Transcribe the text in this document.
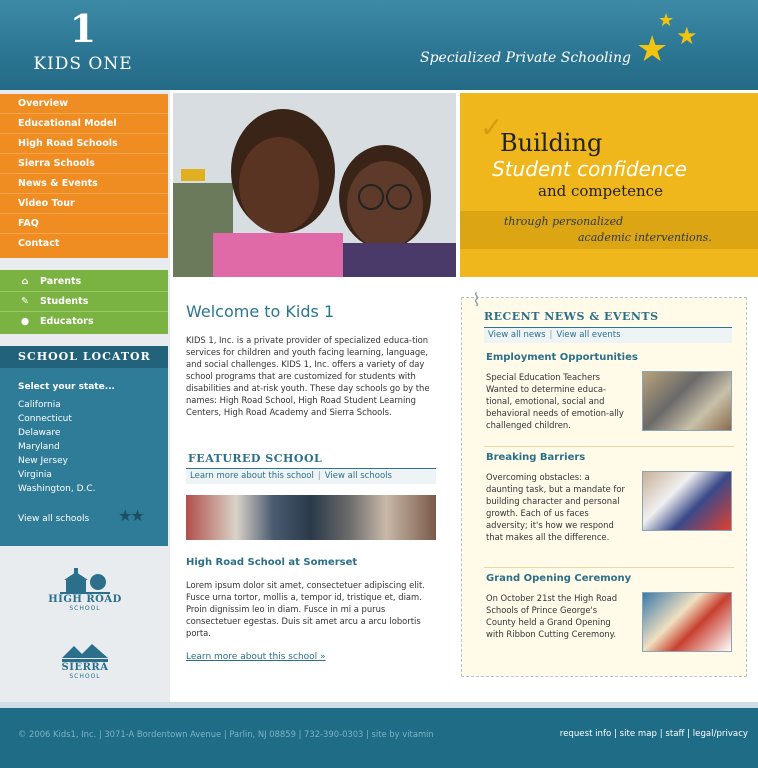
1
KIDS ONE	Specialized Private Schooling
★
★
★
Overview
Educational Model
High Road Schools
Sierra Schools
News & Events
Video Tour
FAQ
Contact
⌂ Parents
✎ Students
● Educators
SCHOOL LOCATOR
Select your state...
California
Connecticut
Delaware
Maryland
New Jersey
Virginia
Washington, D.C.
View all schools ★★
HIGH ROAD
SCHOOL
SIERRA
SCHOOL
✓
Building
Student confidence
and competence
through personalized
academic interventions.
Welcome to Kids 1
KIDS 1, Inc. is a private provider of specialized educa-tion services for children and youth facing learning, language, and social challenges. KIDS 1, Inc. offers a variety of day school programs that are customized for students with disabilities and at-risk youth. These day schools go by the names: High Road School, High Road Student Learning Centers, High Road Academy and Sierra Schools.
FEATURED SCHOOL
Learn more about this school | View all schools
High Road School at Somerset
Lorem ipsum dolor sit amet, consectetuer adipiscing elit. Fusce urna tortor, mollis a, tempor id, tristique et, diam. Proin dignissim leo in diam. Fusce in mi a purus consectetuer egestas. Duis sit amet arcu a arcu lobortis porta.
Learn more about this school »
⌇
RECENT NEWS & EVENTS
View all news | View all events
Employment Opportunities
Special Education Teachers Wanted to determine educa-tional, emotional, social and behavioral needs of emotion-ally challenged children.
Breaking Barriers
Overcoming obstacles: a daunting task, but a mandate for building character and personal growth. Each of us faces adversity; it's how we respond that makes all the difference.
Grand Opening Ceremony
On October 21st the High Road Schools of Prince George's County held a Grand Opening with Ribbon Cutting Ceremony.
© 2006 Kids1, Inc. | 3071-A Bordentown Avenue | Parlin, NJ 08859 | 732-390-0303 | site by vitamin	request info | site map | staff | legal/privacy
